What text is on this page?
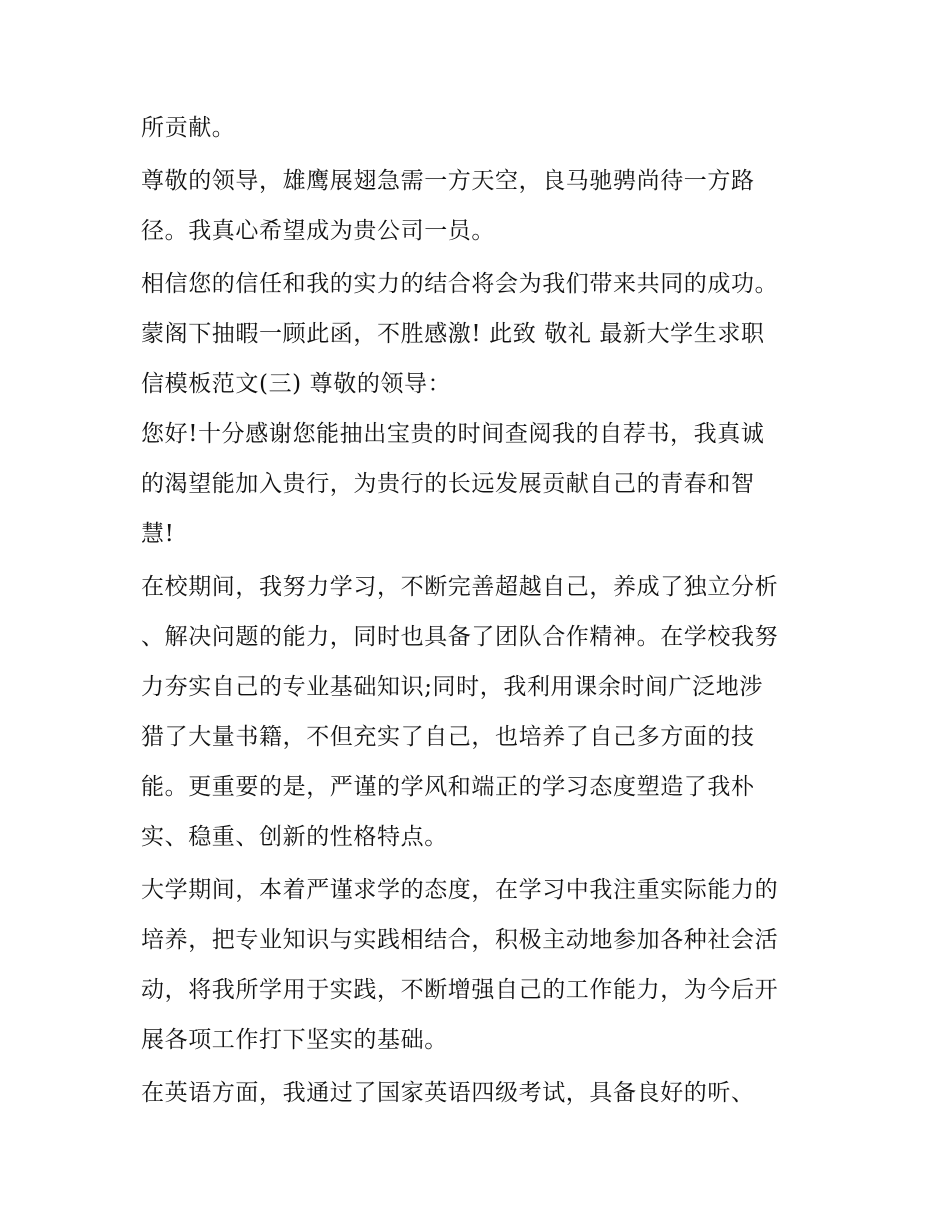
所贡献。
尊敬的领导，雄鹰展翅急需一方天空，良马驰骋尚待一方路
径。我真心希望成为贵公司一员。
相信您的信任和我的实力的结合将会为我们带来共同的成功。
蒙阁下抽暇一顾此函，不胜感激! 此致 敬礼 最新大学生求职
信模板范文(三) 尊敬的领导：
您好!十分感谢您能抽出宝贵的时间查阅我的自荐书，我真诚
的渴望能加入贵行，为贵行的长远发展贡献自己的青春和智
慧!
在校期间，我努力学习，不断完善超越自己，养成了独立分析
、解决问题的能力，同时也具备了团队合作精神。在学校我努
力夯实自己的专业基础知识;同时，我利用课余时间广泛地涉
猎了大量书籍，不但充实了自己，也培养了自己多方面的技
能。更重要的是，严谨的学风和端正的学习态度塑造了我朴
实、稳重、创新的性格特点。
大学期间，本着严谨求学的态度，在学习中我注重实际能力的
培养，把专业知识与实践相结合，积极主动地参加各种社会活
动，将我所学用于实践，不断增强自己的工作能力，为今后开
展各项工作打下坚实的基础。
在英语方面，我通过了国家英语四级考试，具备良好的听、
